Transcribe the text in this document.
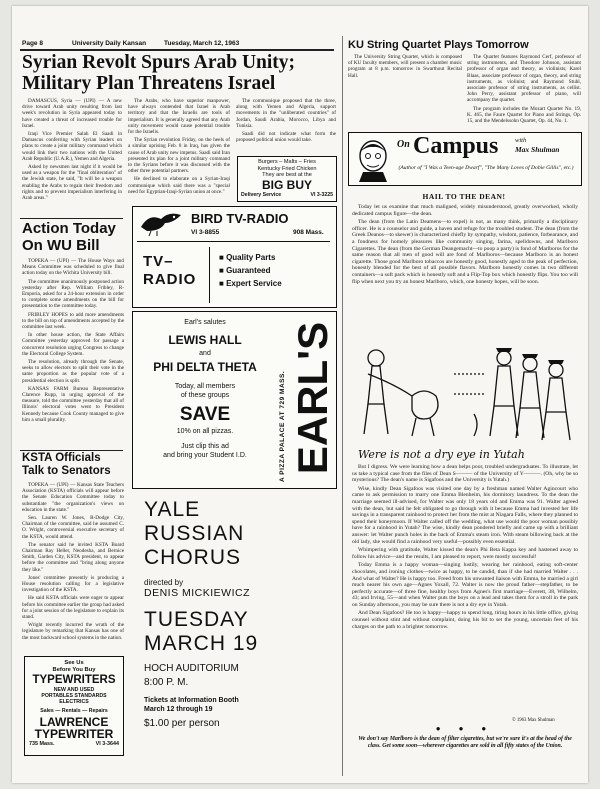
Page 8	University Daily Kansan	Tuesday, March 12, 1963
Syrian Revolt Spurs Arab Unity;
Military Plan Threatens Israel

DAMASCUS, Syria — (UPI) — A new drive toward Arab unity resulting from last week's revolution in Syria appeared today to have created a threat of increased trouble for Israel.

Iraqi Vice Premier Salah El Saadi in Damascus conferring with Syrian leaders on plans to create a joint military command which would link their two nations with the United Arab Republic (U.A.R.), Yemen and Algeria.

Asked by newsmen last night if it would be used as a weapon for the "final obliteration" of the Jewish state, he said, "It will be a weapon enabling the Arabs to regain their freedom and rights and to prevent imperialism interfering in Arab areas."

The Arabs, who have superior manpower, have always contended that Israel is Arab territory and that the Israelis are tools of imperialism. It is generally agreed that any Arab unity movement would cause potential trouble for the Israelis.

The Syrian revolution Friday, on the heels of a similar uprising Feb. 8 in Iraq, has given the cause of Arab unity new impetus. Saadi said Iran presented its plan for a joint military command to the Syrians before it was discussed with the other three potential partners.

He declined to elaborate on a Syrian-Iraqi communique which said there was a "special need for Egyptian-Iraqi-Syrian union at once."

The communique proposed that the three, along with Yemen and Algeria, support movements in the "unliberated countries" of Jordan, Saudi Arabia, Morocco, Libya and Tunisia.

Saadi did not indicate what form the proposed political union would take.

Burgers – Malts – Fries
Kentucky Fried Chicken
They are best at the
BIG BUY
Delivery Service	VI 3-3225
Action Today
On WU Bill

TOPEKA — (UPI) — The House Ways and Means Committee was scheduled to give final action today on the Wichita University bill.

The committee unanimously postponed action yesterday after Rep. William Fribley, R-Emporia, asked for a 24-hour extension in order to complete some amendments on the bill for presentation to the committee today.

FRIBLEY HOPES to add more amendments to the bill on top of amendments accepted by the committee last week.

In other house action, the State Affairs Committee yesterday approved for passage a concurrent resolution urging Congress to change the Electoral College System.

The resolution, already through the Senate, seeks to allow electors to split their vote in the same proportion as the popular vote of a presidential election is split.

KANSAS FARM Bureau Representative Clarence Rupp, in urging approval of the measure, told the committee yesterday that all of Illinois' electoral votes went to President Kennedy because Cook County managed to give him a small plurality.

KSTA Officials
Talk to Senators

TOPEKA — (UPI) — Kansas State Teachers Association (KSTA) officials will appear before the Senate Education Committee today to substantiate "the organization's views on education in the state."

Sen. Lauren W. Jones, R-Dodge City, Chairman of the committee, said he assumed C. O. Wright, controversial executive secretary of the KSTA, would attend.

The senator said he invited KSTA Board Chairman Ray Heller, Neodesha, and Bernice Smith, Garden City, KSTA president, to appear before the committee and "bring along anyone they like."

Jones' committee presently is producing a House resolution calling for a legislative investigation of the KSTA.

He said KSTA officials were eager to appear before his committee earlier the group had asked for a joint session of the legislature to explain its stand.

Wright recently incurred the wrath of the legislature by remarking that Kansas has one of the most backward school systems in the nation.

See Us
Before You Buy
TYPEWRITERS
NEW AND USED
PORTABLES STANDARDS
ELECTRICS
Sales — Rentals — Repairs
LAWRENCE
TYPEWRITER
735 Mass.	VI 3-3644
BIRD TV-RADIO
VI 3-8855	908 Mass.
TV–
RADIO
■ Quality Parts
■ Guaranteed
■ Expert Service
Earl's salutes
LEWIS HALL
and
PHI DELTA THETA
Today, all members
of these groups
SAVE
10% on all pizzas.
Just clip this ad
and bring your Student I.D.	A PIZZA PALACE AT 729 MASS. EARL'S
YALE
RUSSIAN
CHORUS
directed by
DENIS MICKIEWICZ
TUESDAY
MARCH 19
HOCH AUDITORIUM
8:00 P. M.
Tickets at Information Booth
March 12 through 19
$1.00 per person
KU String Quartet Plays Tomorrow

The University String Quartet, which is composed of KU faculty members, will present a chamber music program at 8 p.m. tomorrow in Swarthout Recital Hall.

The Quartet features Raymond Cerf, professor of string instruments, and Theodore Johnson, assistant professor of organ and theory, as violinists; Karel Blaas, associate professor of organ, theory, and string instruments, as violinist; and Raymond Stuhl, associate professor of string instruments, as cellist. John Perry, assistant professor of piano, will accompany the quartet.

The program includes the Mozart Quartet No. 19, K. 465, the Faure Quartet for Piano and Strings, Op. 15, and the Mendelssohn Quartet, Op. 44, No. 1.

On Campus	with
Max Shulman
(Author of "I Was a Teen-age Dwarf", "The Many Loves of Dobie Gillis", etc.)
HAIL TO THE DEAN!

Today let us examine that much maligned, widely misunderstood, greatly overworked, wholly dedicated campus figure—the dean.

The dean (from the Latin Deamens—to expel) is not, as many think, primarily a disciplinary officer. He is a counselor and guide, a haven and refuge for the troubled student. The dean (from the Greek Deanos—to skewer) is characterized chiefly by sympathy, wisdom, patience, forbearance, and a fondness for homely pleasures like community singing, farina, spelldowns, and Marlboro Cigarettes. The dean (from the German Deangemacht—to poop a party) is fond of Marlboros for the same reason that all men of good will are fond of Marlboros—because Marlboro is an honest cigarette. Those good Marlboro tobaccos are honestly good, honestly aged to the peak of perfection, honestly blended for the best of all possible flavors. Marlboro honestly comes in two different containers—a soft pack which is honestly soft and a Flip-Top box which honestly flips. You too will flip when next you try an honest Marlboro, which, one honesty hopes, will be soon.

Were is not a dry eye in Yutah

But I digress. We were learning how a dean helps poor, troubled undergraduates. To illustrate, let us take a typical case from the files of Dean S——— of the University of Y———. (Oh, why be so mysterious? The dean's name is Sigafoos and the University is Yutah.)

Wise, kindly Dean Sigafoos was visited one day by a freshman named Walter Agincourt who came to ask permission to marry one Emma Blenheim, his dormitory laundress. To the dean the marriage seemed ill-advised, for Walter was only 18 years old and Emma was 91. Walter agreed with the dean, but said he felt obligated to go through with it because Emma had invested her life savings in a transparent rainhood to protect her from the mist at Niagara Falls, where they planned to spend their honeymoon. If Walter called off the wedding, what use would the poor woman possibly have for a rainhood in Yutah? The wise, kindly dean pondered briefly and came up with a brilliant answer: let Walter punch holes in the back of Emma's steam iron. With steam billowing back at the old lady, she would find a rainhood very useful—possibly even essential.

Whimpering with gratitude, Walter kissed the dean's Phi Beta Kappa key and hastened away to follow his advice—and the results, I am pleased to report, were mostly successful!

Today Emma is a happy woman—singing lustily, wearing her rainhood, eating soft-center chocolates, and ironing clothes—twice as happy, to be candid, than if she had married Walter . . . And what of Walter? He is happy too. Freed from his unwanted liaison with Emma, he married a girl much nearer his own age—Agnes Yoxall, 72. Walter is now the proud father—stepfather, to be perfectly accurate—of three fine, healthy boys from Agnes's first marriage—Everett, 38, Wilhelm, 43; and Irving, 55—and when Walter puts the boys on a lead and takes them for a stroll in the park on Sunday afternoon, you may be sure there is not a dry eye in Yutah.

And Dean Sigafoos? He too is happy—happy to spend long, tiring hours in his little office, giving counsel without stint and without complaint, doing his bit to set the young, uncertain feet of his charges on the path to a brighter tomorrow.

© 1963 Max Shulman
● ● ●
We don't say Marlboro is the dean of filter cigarettes, but we're sure it's at the head of the class. Get some soon—wherever cigarettes are sold in all fifty states of the Union.
